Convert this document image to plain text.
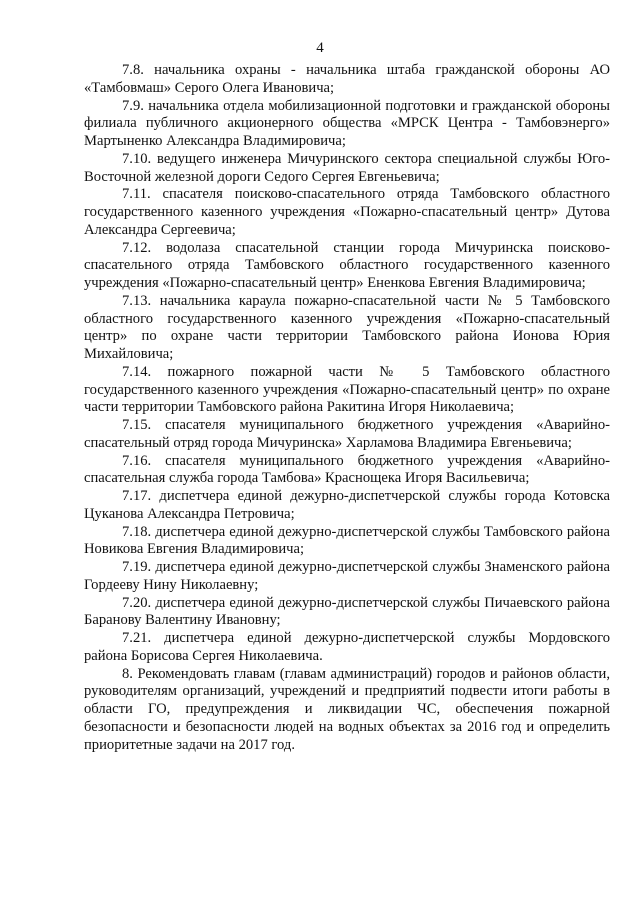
4

7.8. начальника охраны - начальника штаба гражданской обороны АО «Тамбовмаш» Серого Олега Ивановича;

7.9. начальника отдела мобилизационной подготовки и гражданской обороны филиала публичного акционерного общества «МРСК Центра - Тамбовэнерго» Мартыненко Александра Владимировича;

7.10. ведущего инженера Мичуринского сектора специальной службы Юго-Восточной железной дороги Седого Сергея Евгеньевича;

7.11. спасателя поисково-спасательного отряда Тамбовского областного государственного казенного учреждения «Пожарно-спасательный центр» Дутова Александра Сергеевича;

7.12. водолаза спасательной станции города Мичуринска поисково-спасательного отряда Тамбовского областного государственного казенного учреждения «Пожарно-спасательный центр» Ененкова Евгения Владимировича;

7.13. начальника караула пожарно-спасательной части № 5 Тамбовского областного государственного казенного учреждения «Пожарно-спасательный центр» по охране части территории Тамбовского района Ионова Юрия Михайловича;

7.14. пожарного пожарной части № 5 Тамбовского областного государственного казенного учреждения «Пожарно-спасательный центр» по охране части территории Тамбовского района Ракитина Игоря Николаевича;

7.15. спасателя муниципального бюджетного учреждения «Аварийно-спасательный отряд города Мичуринска» Харламова Владимира Евгеньевича;

7.16. спасателя муниципального бюджетного учреждения «Аварийно-спасательная служба города Тамбова» Краснощека Игоря Васильевича;

7.17. диспетчера единой дежурно-диспетчерской службы города Котовска Цуканова Александра Петровича;

7.18. диспетчера единой дежурно-диспетчерской службы Тамбовского района Новикова Евгения Владимировича;

7.19. диспетчера единой дежурно-диспетчерской службы Знаменского района Гордееву Нину Николаевну;

7.20. диспетчера единой дежурно-диспетчерской службы Пичаевского района Баранову Валентину Ивановну;

7.21. диспетчера единой дежурно-диспетчерской службы Мордовского района Борисова Сергея Николаевича.

8. Рекомендовать главам (главам администраций) городов и районов области, руководителям организаций, учреждений и предприятий подвести итоги работы в области ГО, предупреждения и ликвидации ЧС, обеспечения пожарной безопасности и безопасности людей на водных объектах за 2016 год и определить приоритетные задачи на 2017 год.
